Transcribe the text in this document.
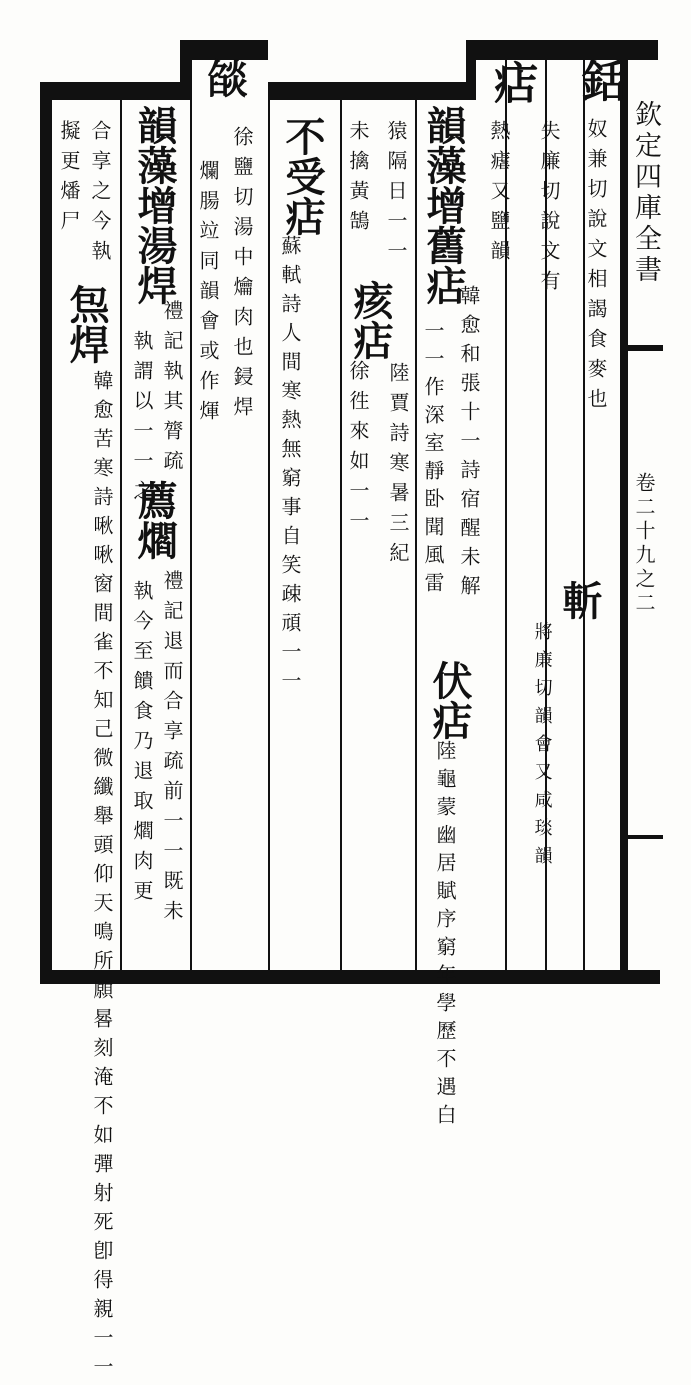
欽定四庫全書
卷二十九之二
銛
奴兼切說文相謁食麥也
失廉切說文有
斬
將廉切韻會又咸琰韻
痁
熱瘧又鹽韻
韻藻增
舊痁
韓愈和張十一詩宿醒未解
一一作深室靜卧聞風雷
伏痁
陸龜蒙幽居賦序窮年學歷不遇白
猿隔日一一
痎痁
陸賈詩寒暑三紀
未擒黃鵠
徐徃來如一一
不受痁
蘇軾詩人間寒熱無窮事自笑疎頑一一
燄
徐鹽切湯中爚肉也鋟焊
爛腸竝同韻會或作煇
韻藻增湯焊
禮記執其膂疏
執謂以一一之
薦爓
禮記退而合享疏前一一既未
執今至饋食乃退取爓肉更
合享之今執
炰焊
韓愈苦寒詩啾啾窗間雀不知己微纖舉頭仰天鳴所願晷刻淹不如彈射死卽得親一一
擬更燔尸
